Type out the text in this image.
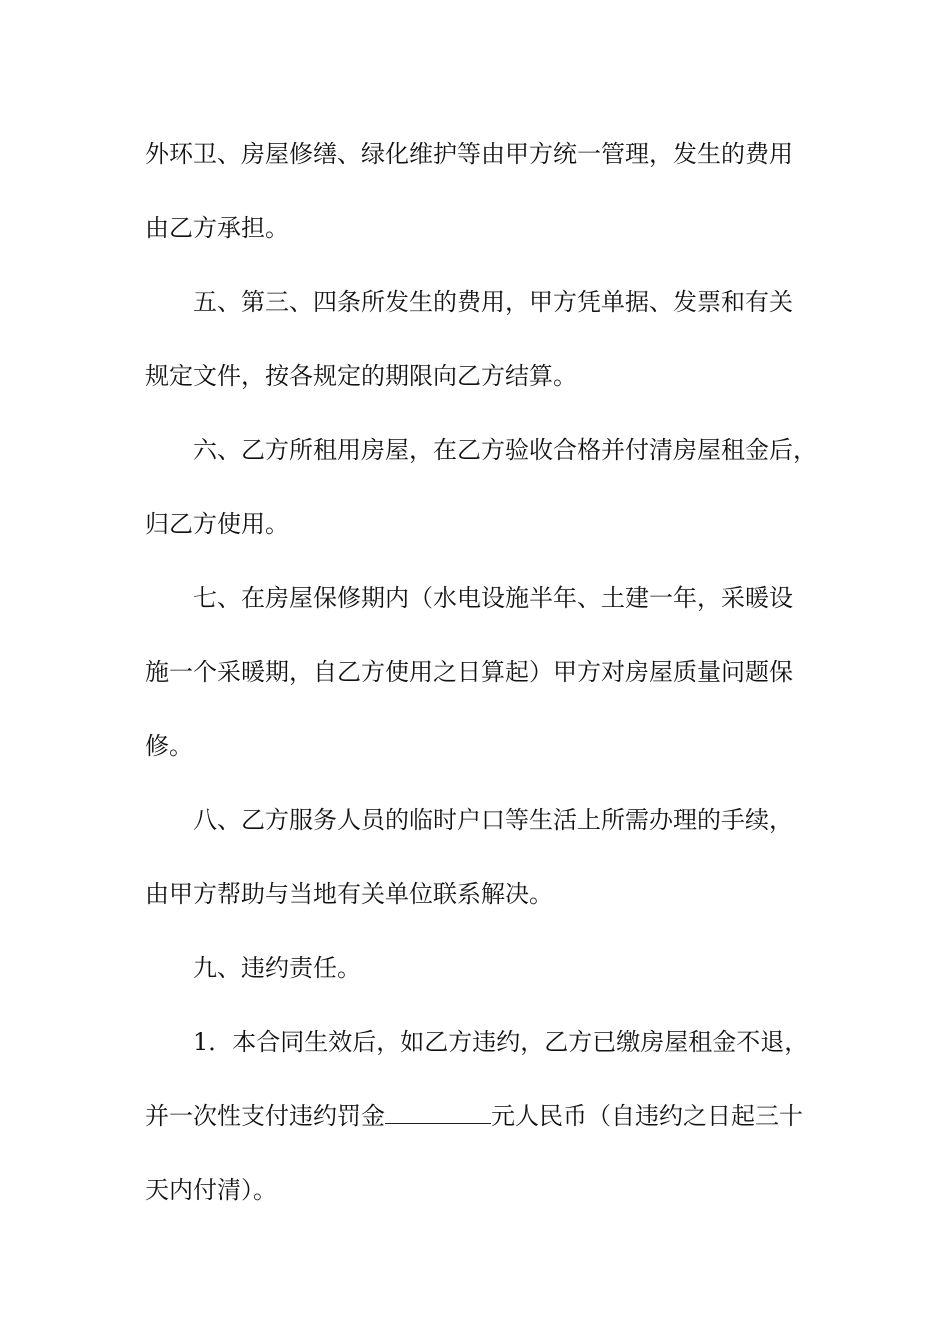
外环卫、房屋修缮、绿化维护等由甲方统一管理，发生的费用
由乙方承担。
五、第三、四条所发生的费用，甲方凭单据、发票和有关
规定文件，按各规定的期限向乙方结算。
六、乙方所租用房屋，在乙方验收合格并付清房屋租金后，
归乙方使用。
七、在房屋保修期内（水电设施半年、土建一年，采暖设
施一个采暖期，自乙方使用之日算起）甲方对房屋质量问题保
修。
八、乙方服务人员的临时户口等生活上所需办理的手续，
由甲方帮助与当地有关单位联系解决。
九、违约责任。
1．本合同生效后，如乙方违约，乙方已缴房屋租金不退，
并一次性支付违约罚金	元人民币（自违约之日起三十
天内付清）。
